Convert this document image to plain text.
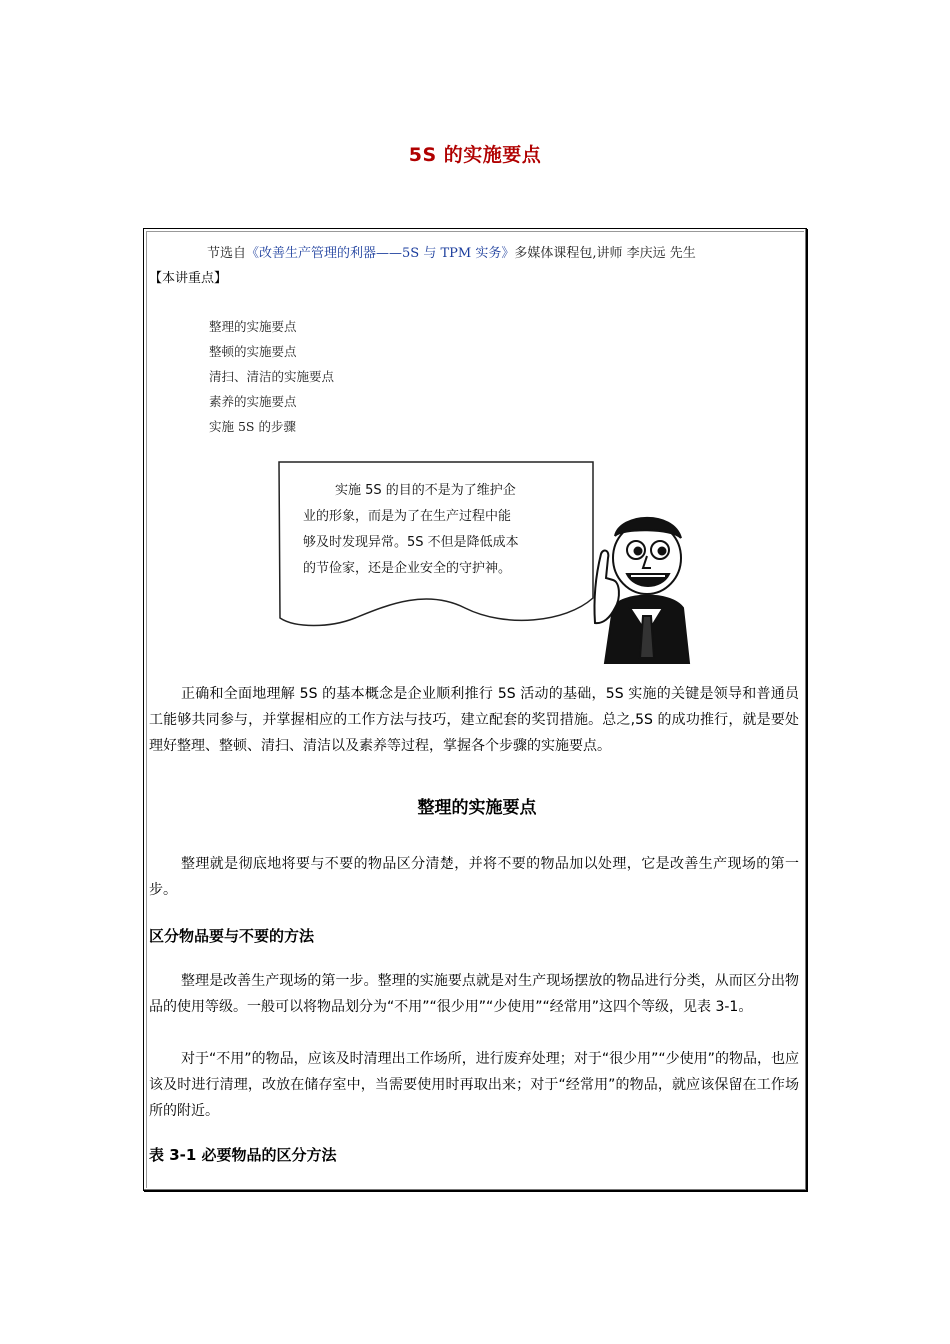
5S 的实施要点
节选自《改善生产管理的利器——5S 与 TPM 实务》多媒体课程包,讲师 李庆远 先生
【本讲重点】
整理的实施要点
整顿的实施要点
清扫、清洁的实施要点
素养的实施要点
实施 5S 的步骤
实施 5S 的目的不是为了维护企
业的形象，而是为了在生产过程中能
够及时发现异常。5S 不但是降低成本
的节俭家，还是企业安全的守护神。
正确和全面地理解 5S 的基本概念是企业顺利推行 5S 活动的基础，5S 实施的关键是领导和普通员工能够共同参与，并掌握相应的工作方法与技巧，建立配套的奖罚措施。总之,5S 的成功推行，就是要处理好整理、整顿、清扫、清洁以及素养等过程，掌握各个步骤的实施要点。
整理的实施要点
整理就是彻底地将要与不要的物品区分清楚，并将不要的物品加以处理，它是改善生产现场的第一步。
区分物品要与不要的方法
整理是改善生产现场的第一步。整理的实施要点就是对生产现场摆放的物品进行分类，从而区分出物品的使用等级。一般可以将物品划分为“不用”“很少用”“少使用”“经常用”这四个等级，见表 3-1。
对于“不用”的物品，应该及时清理出工作场所，进行废弃处理；对于“很少用”“少使用”的物品，也应该及时进行清理，改放在储存室中，当需要使用时再取出来；对于“经常用”的物品，就应该保留在工作场所的附近。
表 3-1 必要物品的区分方法
